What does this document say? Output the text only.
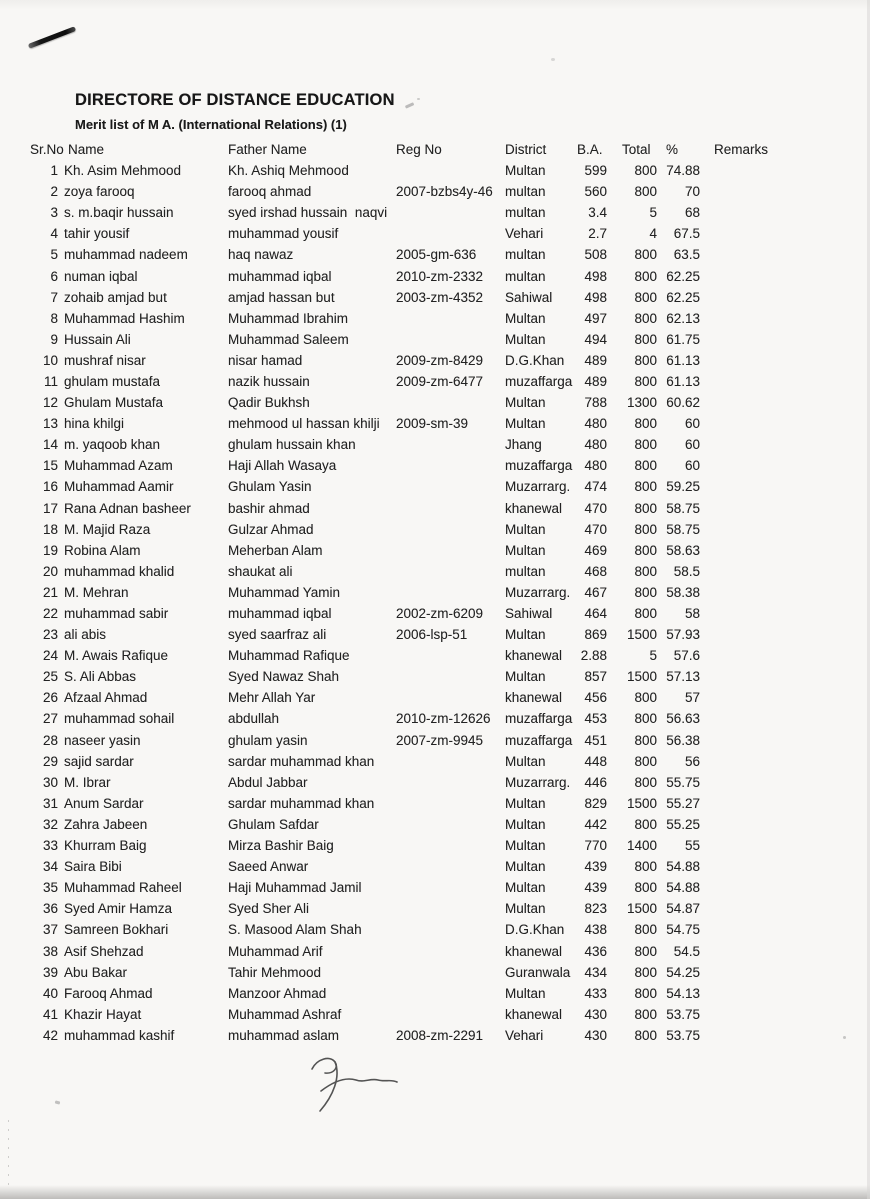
DIRECTORE OF DISTANCE EDUCATION
Merit list of M A. (International Relations) (1)
Sr.No Name	Father Name	Reg No	District	B.A.	Total	%	Remarks
1 Kh. Asim Mehmood	Kh. Ashiq Mehmood	Multan	599	800 74.88
2 zoya farooq	farooq ahmad	2007-bzbs4y-46 multan	560	800	70
3 s. m.baqir hussain	syed irshad hussain  naqvi	multan	3.4	5	68
4 tahir yousif	muhammad yousif	Vehari	2.7	4	67.5
5 muhammad nadeem	haq nawaz	2005-gm-636	multan	508	800	63.5
6 numan iqbal	muhammad iqbal	2010-zm-2332	multan	498	800 62.25
7 zohaib amjad but	amjad hassan but	2003-zm-4352	Sahiwal	498	800 62.25
8 Muhammad Hashim	Muhammad Ibrahim	Multan	497	800 62.13
9 Hussain Ali	Muhammad Saleem	Multan	494	800 61.75
10 mushraf nisar	nisar hamad	2009-zm-8429	D.G.Khan	489	800 61.13
11 ghulam mustafa	nazik hussain	2009-zm-6477	muzaffarga 489	800 61.13
12 Ghulam Mustafa	Qadir Bukhsh	Multan	788	1300 60.62
13 hina khilgi	mehmood ul hassan khilji	2009-sm-39	Multan	480	800	60
14 m. yaqoob khan	ghulam hussain khan	Jhang	480	800	60
15 Muhammad Azam	Haji Allah Wasaya	muzaffarga 480	800	60
16 Muhammad Aamir	Ghulam Yasin	Muzarrarg.	474	800 59.25
17 Rana Adnan basheer	bashir ahmad	khanewal	470	800 58.75
18 M. Majid Raza	Gulzar Ahmad	Multan	470	800 58.75
19 Robina Alam	Meherban Alam	Multan	469	800 58.63
20 muhammad khalid	shaukat ali	multan	468	800	58.5
21 M. Mehran	Muhammad Yamin	Muzarrarg.	467	800 58.38
22 muhammad sabir	muhammad iqbal	2002-zm-6209	Sahiwal	464	800	58
23 ali abis	syed saarfraz ali	2006-lsp-51	Multan	869	1500 57.93
24 M. Awais Rafique	Muhammad Rafique	khanewal	2.88	5	57.6
25 S. Ali Abbas	Syed Nawaz Shah	Multan	857	1500 57.13
26 Afzaal Ahmad	Mehr Allah Yar	khanewal	456	800	57
27 muhammad sohail	abdullah	2010-zm-12626	muzaffarga 453	800 56.63
28 naseer yasin	ghulam yasin	2007-zm-9945	muzaffarga 451	800 56.38
29 sajid sardar	sardar muhammad khan	Multan	448	800	56
30 M. Ibrar	Abdul Jabbar	Muzarrarg.	446	800 55.75
31 Anum Sardar	sardar muhammad khan	Multan	829	1500 55.27
32 Zahra Jabeen	Ghulam Safdar	Multan	442	800 55.25
33 Khurram Baig	Mirza Bashir Baig	Multan	770	1400	55
34 Saira Bibi	Saeed Anwar	Multan	439	800 54.88
35 Muhammad Raheel	Haji Muhammad Jamil	Multan	439	800 54.88
36 Syed Amir Hamza	Syed Sher Ali	Multan	823	1500 54.87
37 Samreen Bokhari	S. Masood Alam Shah	D.G.Khan	438	800 54.75
38 Asif Shehzad	Muhammad Arif	khanewal	436	800	54.5
39 Abu Bakar	Tahir Mehmood	Guranwala	434	800 54.25
40 Farooq Ahmad	Manzoor Ahmad	Multan	433	800 54.13
41 Khazir Hayat	Muhammad Ashraf	khanewal	430	800 53.75
42 muhammad kashif	muhammad aslam	2008-zm-2291	Vehari	430	800 53.75
